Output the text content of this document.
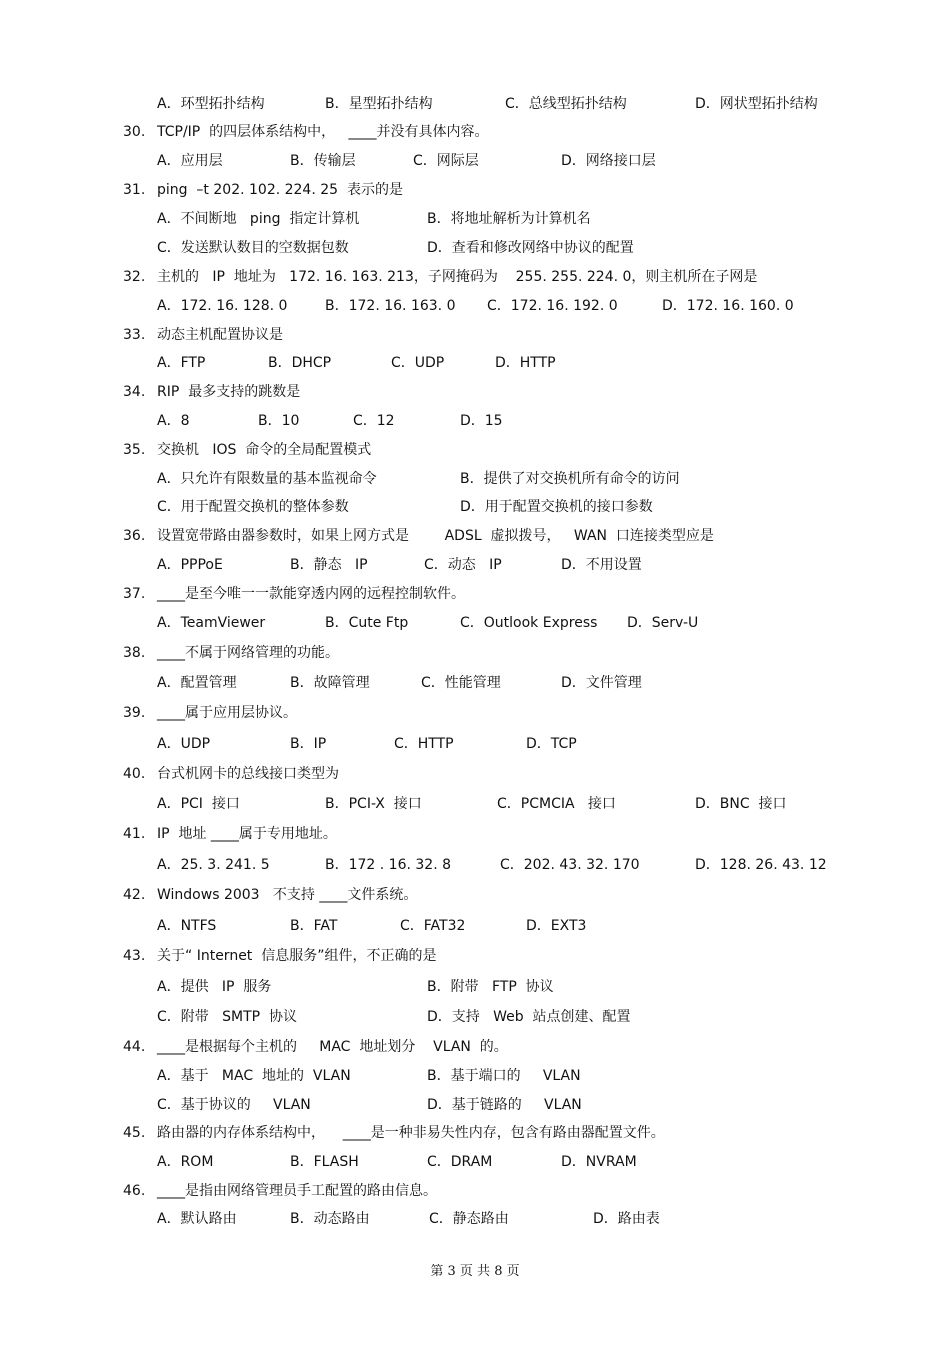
A．环型拓扑结构	B．星型拓扑结构	C．总线型拓扑结构	D．网状型拓扑结构
30. TCP/IP  的四层体系结构中，   ____并没有具体内容。
A．应用层	B．传输层	C．网际层	D．网络接口层
31. ping  –t 202. 102. 224. 25  表示的是
A．不间断地   ping  指定计算机	B．将地址解析为计算机名
C．发送默认数目的空数据包数	D．查看和修改网络中协议的配置
32. 主机的   IP  地址为   172. 16. 163. 213，子网掩码为    255. 255. 224. 0，则主机所在子网是
A．172. 16. 128. 0	B．172. 16. 163. 0 C．172. 16. 192. 0	D．172. 16. 160. 0
33. 动态主机配置协议是
A．FTP	B．DHCP	C．UDP	D．HTTP
34. RIP  最多支持的跳数是
A．8	B．10	C．12	D．15
35. 交换机   IOS  命令的全局配置模式
A．只允许有限数量的基本监视命令	B．提供了对交换机所有命令的访问
C．用于配置交换机的整体参数	D．用于配置交换机的接口参数
36. 设置宽带路由器参数时，如果上网方式是        ADSL  虚拟拨号，   WAN  口连接类型应是
A．PPPoE	B．静态   IP	C．动态   IP	D．不用设置
37. ____是至今唯一一款能穿透内网的远程控制软件。
A．TeamViewer	B．Cute Ftp	C．Outlook Express D．Serv-U
38. ____不属于网络管理的功能。
A．配置管理	B．故障管理	C．性能管理	D．文件管理
39. ____属于应用层协议。
A．UDP	B．IP	C．HTTP	D．TCP
40. 台式机网卡的总线接口类型为
A．PCI  接口	B．PCI-X  接口	C．PCMCIA   接口	D．BNC  接口
41. IP  地址 ____属于专用地址。
A．25. 3. 241. 5	B．172 . 16. 32. 8	C．202. 43. 32. 170	D．128. 26. 43. 12
42. Windows 2003   不支持 ____文件系统。
A．NTFS	B．FAT	C．FAT32	D．EXT3
43. 关于“ Internet  信息服务”组件，不正确的是
A．提供   IP  服务	B．附带   FTP  协议
C．附带   SMTP  协议	D．支持   Web  站点创建、配置
44. ____是根据每个主机的     MAC  地址划分    VLAN  的。
A．基于   MAC  地址的  VLAN	B．基于端口的     VLAN
C．基于协议的     VLAN	D．基于链路的     VLAN
45. 路由器的内存体系结构中，    ____是一种非易失性内存，包含有路由器配置文件。
A．ROM	B．FLASH	C．DRAM	D．NVRAM
46. ____是指由网络管理员手工配置的路由信息。
A．默认路由	B．动态路由	C．静态路由	D．路由表
第 3 页 共 8 页
